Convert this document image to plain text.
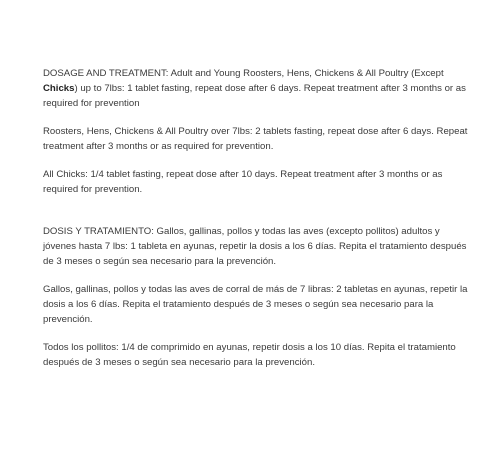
DOSAGE AND TREATMENT: Adult and Young Roosters, Hens, Chickens & All Poultry (Except Chicks) up to 7lbs: 1 tablet fasting, repeat dose after 6 days. Repeat treatment after 3 months or as required for prevention

Roosters, Hens, Chickens & All Poultry over 7lbs: 2 tablets fasting, repeat dose after 6 days. Repeat treatment after 3 months or as required for prevention.

All Chicks: 1/4 tablet fasting, repeat dose after 10 days. Repeat treatment after 3 months or as required for prevention.

DOSIS Y TRATAMIENTO: Gallos, gallinas, pollos y todas las aves (excepto pollitos) adultos y jóvenes hasta 7 lbs: 1 tableta en ayunas, repetir la dosis a los 6 días. Repita el tratamiento después de 3 meses o según sea necesario para la prevención.

Gallos, gallinas, pollos y todas las aves de corral de más de 7 libras: 2 tabletas en ayunas, repetir la dosis a los 6 días. Repita el tratamiento después de 3 meses o según sea necesario para la prevención.

Todos los pollitos: 1/4 de comprimido en ayunas, repetir dosis a los 10 días. Repita el tratamiento después de 3 meses o según sea necesario para la prevención.
